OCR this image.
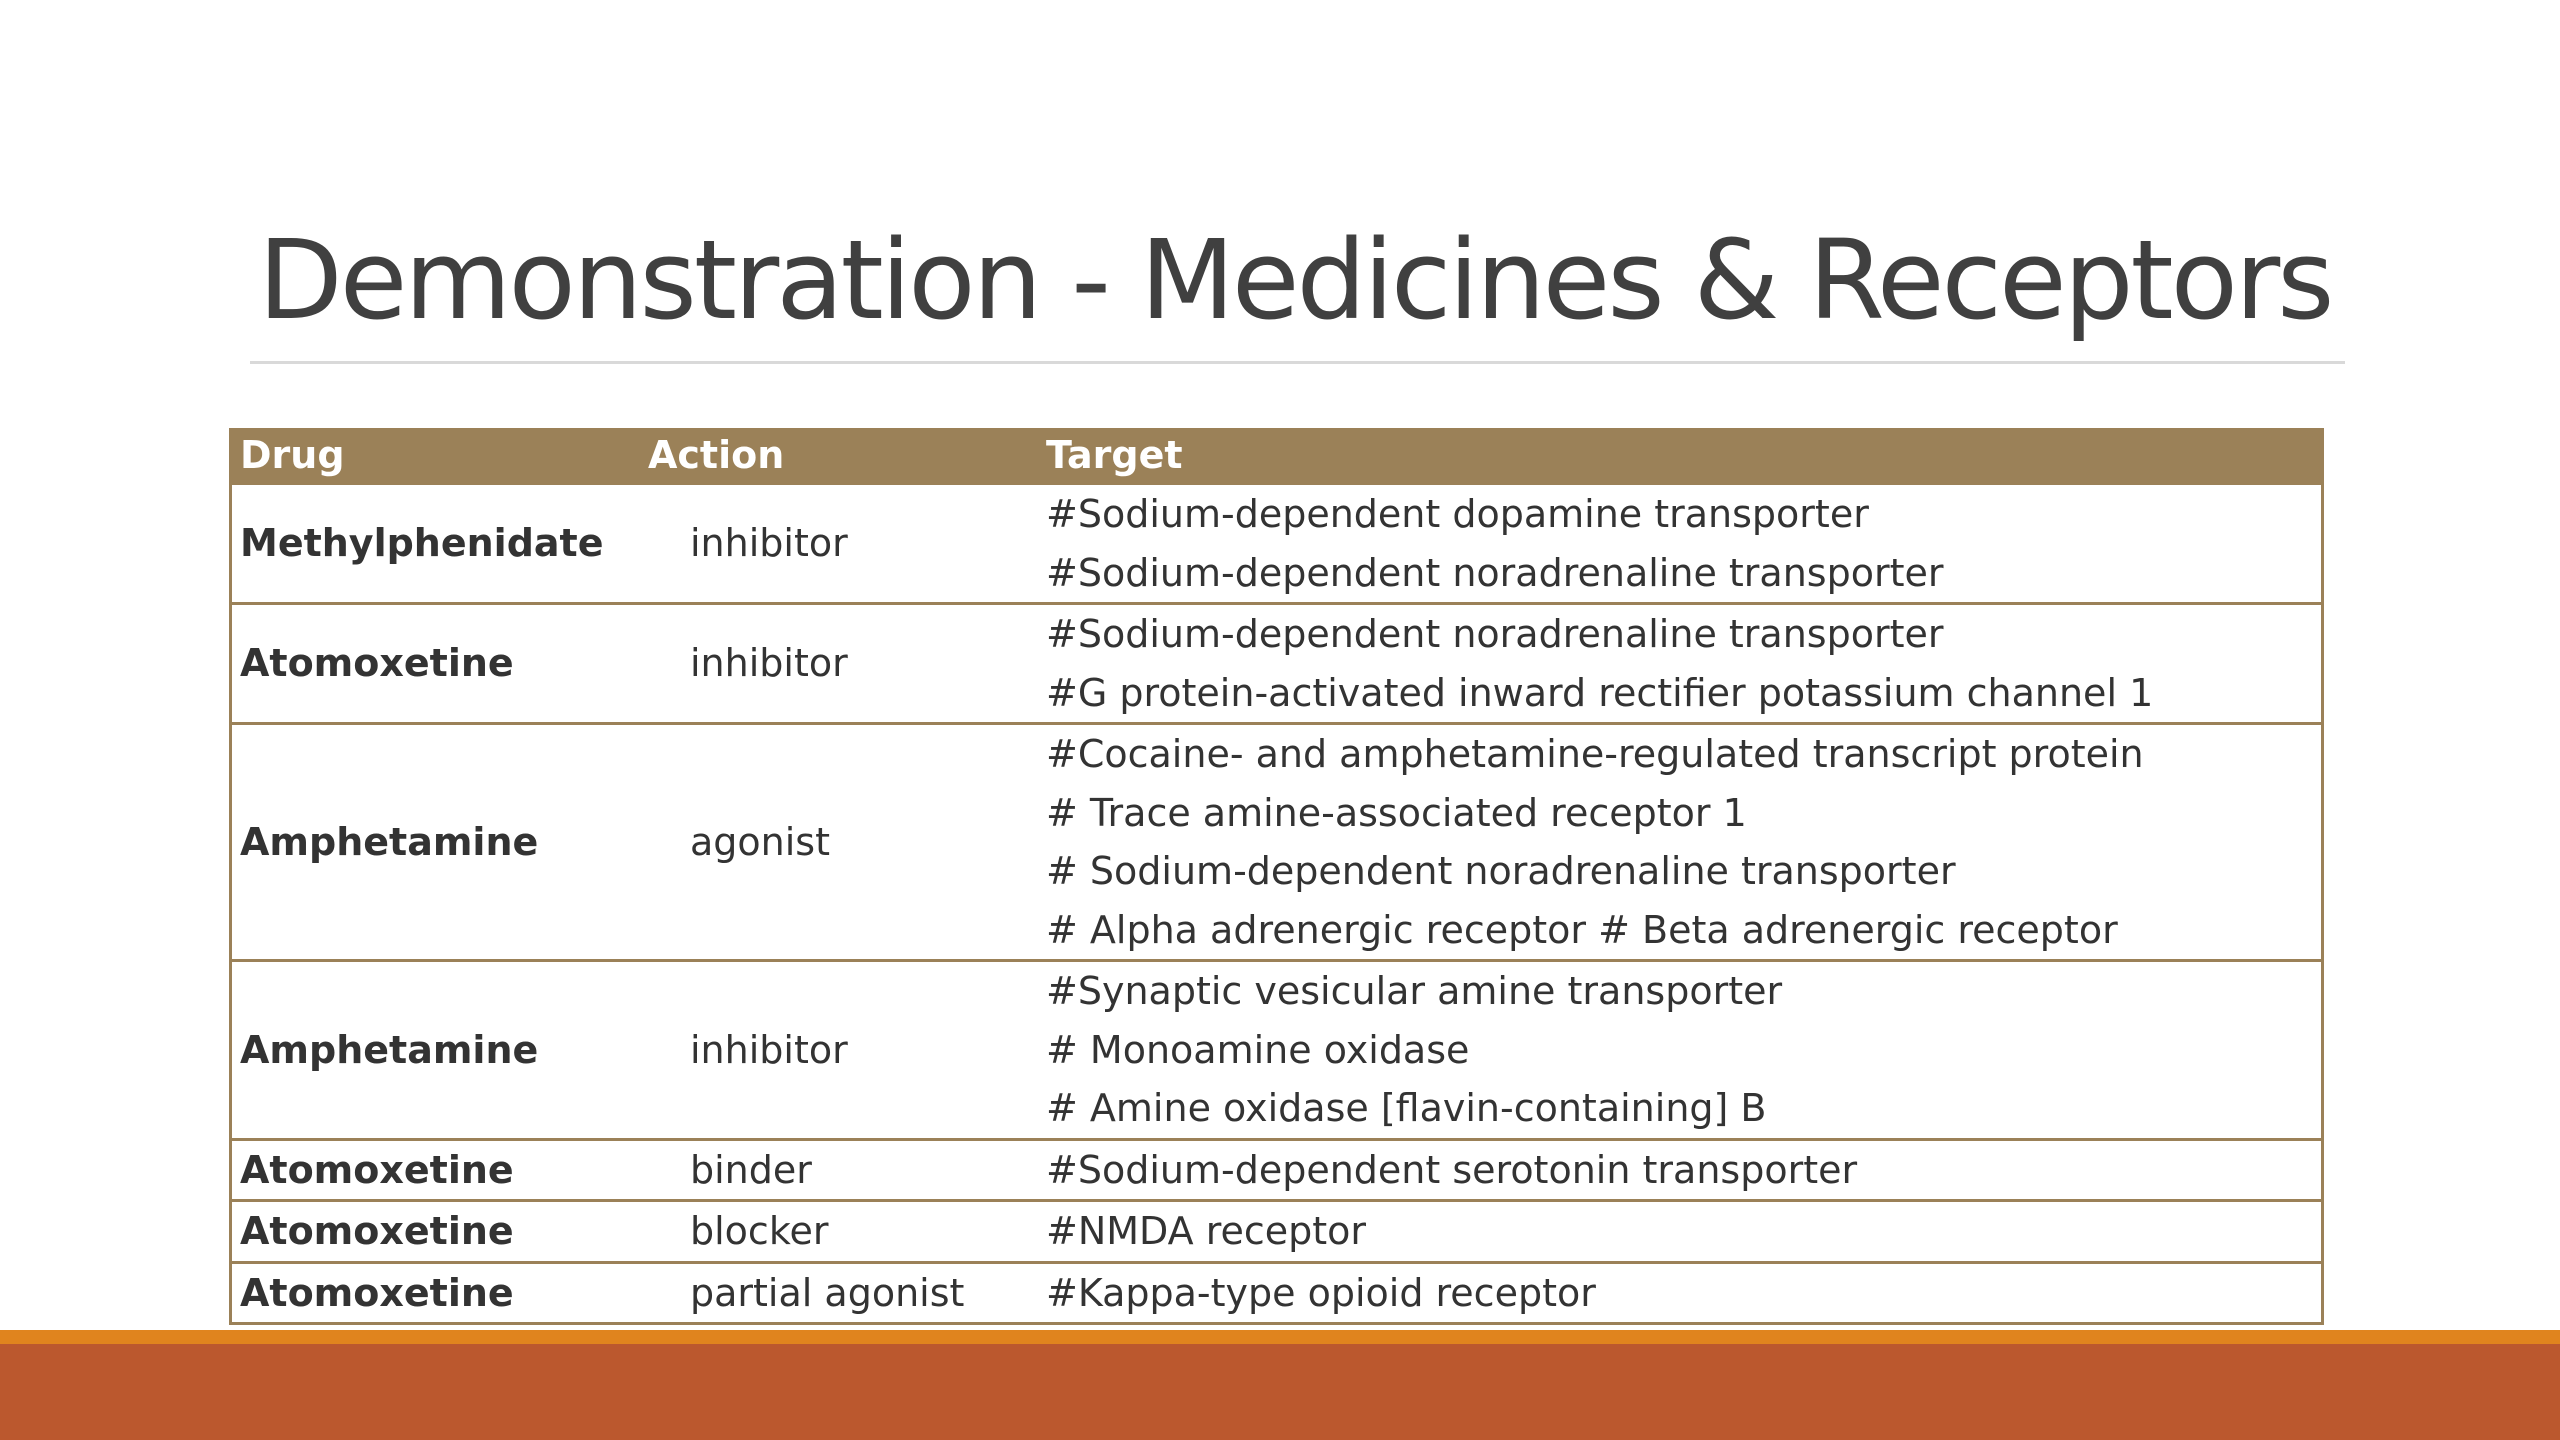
Demonstration - Medicines & Receptors
Drug	Action	Target
Methylphenidate	inhibitor	#Sodium-dependent dopamine transporter
#Sodium-dependent noradrenaline transporter

Atomoxetine	inhibitor	#Sodium-dependent noradrenaline transporter
#G protein-activated inward rectifier potassium channel 1

Amphetamine	agonist	#Cocaine- and amphetamine-regulated transcript protein
# Trace amine-associated receptor 1
# Sodium-dependent noradrenaline transporter
# Alpha adrenergic receptor # Beta adrenergic receptor

Amphetamine	inhibitor	#Synaptic vesicular amine transporter
# Monoamine oxidase
# Amine oxidase [flavin-containing] B

Atomoxetine	binder	#Sodium-dependent serotonin transporter

Atomoxetine	blocker	#NMDA receptor

Atomoxetine	partial agonist	#Kappa-type opioid receptor
